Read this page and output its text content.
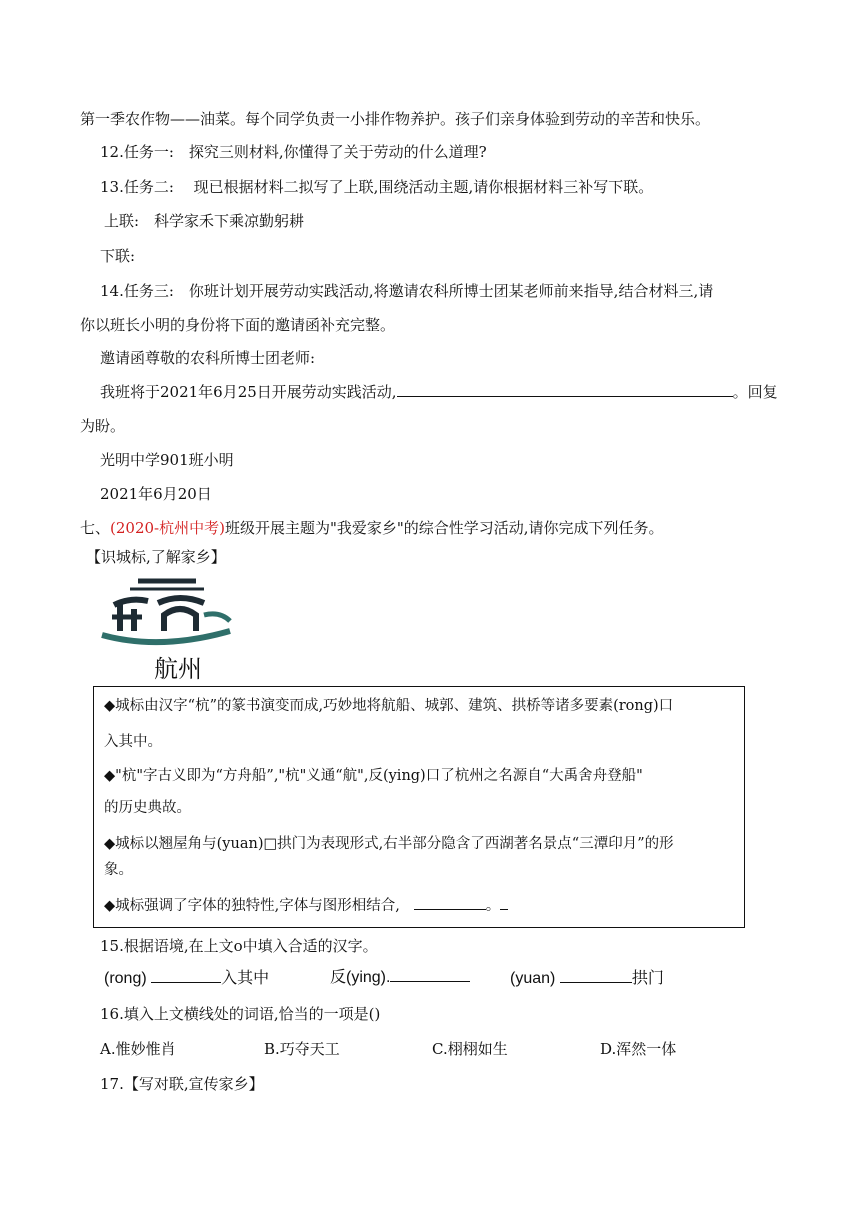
第一季农作物——油菜。每个同学负责一小排作物养护。孩子们亲身体验到劳动的辛苦和快乐。
12.任务一:　探究三则材料,你懂得了关于劳动的什么道理?
13.任务二:　 现已根据材料二拟写了上联,围绕活动主题,请你根据材料三补写下联。
上联:　科学家禾下乘凉勤躬耕
下联:
14.任务三:　你班计划开展劳动实践活动,将邀请农科所博士团某老师前来指导,结合材料三,请
你以班长小明的身份将下面的邀请函补充完整。
邀请函尊敬的农科所博士团老师:
我班将于2021年6月25日开展劳动实践活动,	。回复
为盼。
光明中学901班小明
2021年6月20日
七、(2020-杭州中考)班级开展主题为"我爱家乡"的综合性学习活动,请你完成下列任务。
【识城标,了解家乡】
航州
◆城标由汉字“杭”的篆书演变而成,巧妙地将航船、城郭、建筑、拱桥等诸多要素(rong)口
入其中。
◆"杭"字古义即为“方舟船”,"杭"义通“航",反(ying)口了杭州之名源自“大禹舍舟登船"
的历史典故。
◆城标以翘屋角与(yuan)□拱门为表现形式,右半部分隐含了西湖著名景点“三潭印月”的形
象。
◆城标强调了字体的独特性,字体与图形相结合,	。
15.根据语境,在上文o中填入合适的汉字。
(rong)	入其中	反(ying).	(yuan)	拱门
16.填入上文横线处的词语,恰当的一项是()
A.惟妙惟肖	B.巧夺天工	C.栩栩如生	D.浑然一体
17.【写对联,宣传家乡】
